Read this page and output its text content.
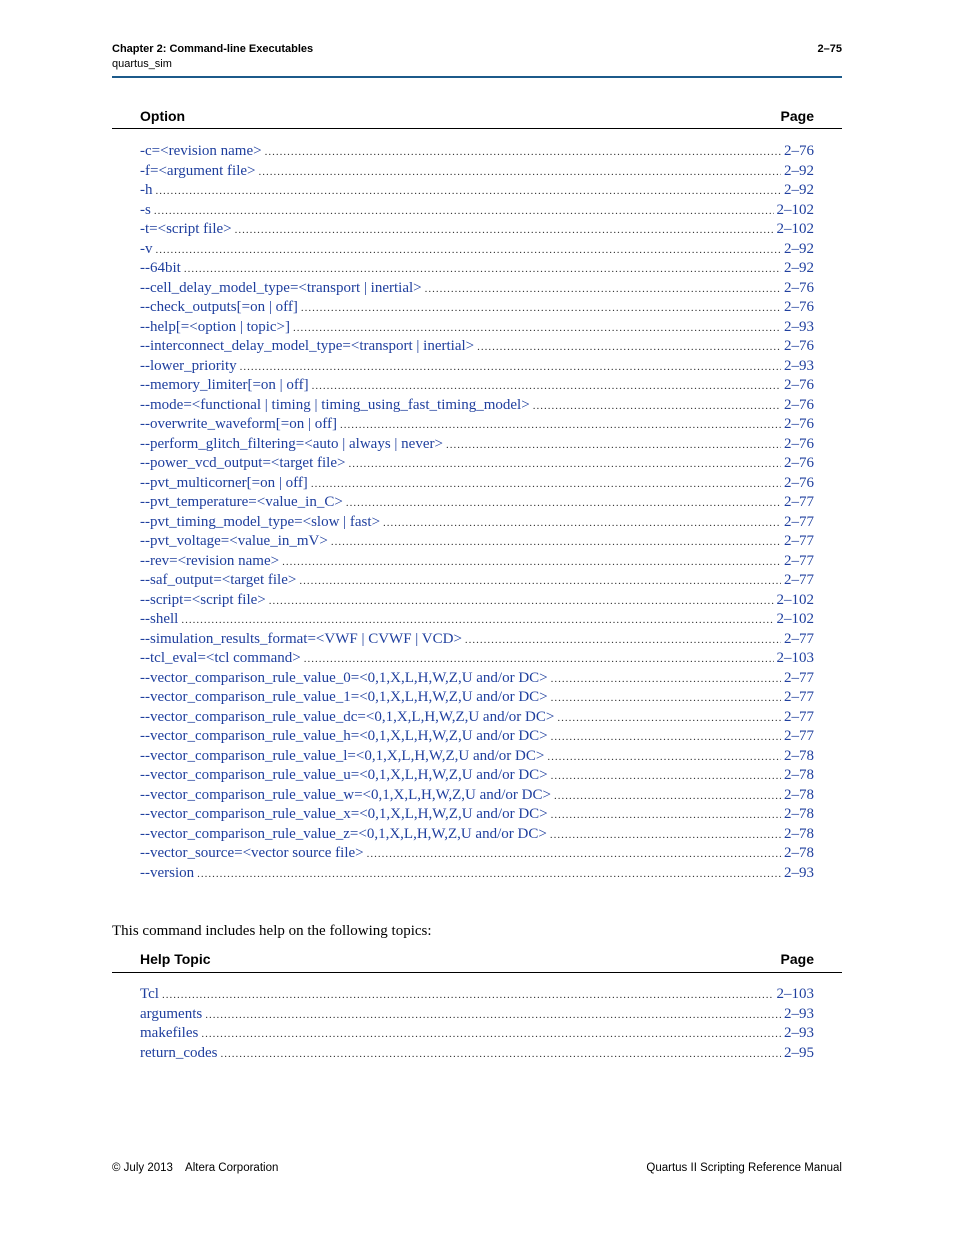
Chapter 2: Command-line Executables
quartus_sim
2–75
Option	Page
-c=<revision name> .....	2–76
-f=<argument file> .....	2–92
-h .....	2–92
-s .....	2–102
-t=<script file> .....	2–102
-v .....	2–92
--64bit .....	2–92
--cell_delay_model_type=<transport | inertial> .....	2–76
--check_outputs[=on | off] .....	2–76
--help[=<option | topic>] .....	2–93
--interconnect_delay_model_type=<transport | inertial> .....	2–76
--lower_priority .....	2–93
--memory_limiter[=on | off] .....	2–76
--mode=<functional | timing | timing_using_fast_timing_model> .....	2–76
--overwrite_waveform[=on | off] .....	2–76
--perform_glitch_filtering=<auto | always | never> .....	2–76
--power_vcd_output=<target file> .....	2–76
--pvt_multicorner[=on | off] .....	2–76
--pvt_temperature=<value_in_C> .....	2–77
--pvt_timing_model_type=<slow | fast> .....	2–77
--pvt_voltage=<value_in_mV> .....	2–77
--rev=<revision name> .....	2–77
--saf_output=<target file> .....	2–77
--script=<script file> .....	2–102
--shell .....	2–102
--simulation_results_format=<VWF | CVWF | VCD> .....	2–77
--tcl_eval=<tcl command> .....	2–103
--vector_comparison_rule_value_0=<0,1,X,L,H,W,Z,U and/or DC> .....	2–77
--vector_comparison_rule_value_1=<0,1,X,L,H,W,Z,U and/or DC> .....	2–77
--vector_comparison_rule_value_dc=<0,1,X,L,H,W,Z,U and/or DC> .....	2–77
--vector_comparison_rule_value_h=<0,1,X,L,H,W,Z,U and/or DC> .....	2–77
--vector_comparison_rule_value_l=<0,1,X,L,H,W,Z,U and/or DC> .....	2–78
--vector_comparison_rule_value_u=<0,1,X,L,H,W,Z,U and/or DC> .....	2–78
--vector_comparison_rule_value_w=<0,1,X,L,H,W,Z,U and/or DC> .....	2–78
--vector_comparison_rule_value_x=<0,1,X,L,H,W,Z,U and/or DC> .....	2–78
--vector_comparison_rule_value_z=<0,1,X,L,H,W,Z,U and/or DC> .....	2–78
--vector_source=<vector source file> .....	2–78
--version .....	2–93
This command includes help on the following topics:
Help Topic	Page
Tcl .....	2–103
arguments .....	2–93
makefiles .....	2–93
return_codes .....	2–95
© July 2013    Altera Corporation	Quartus II Scripting Reference Manual
